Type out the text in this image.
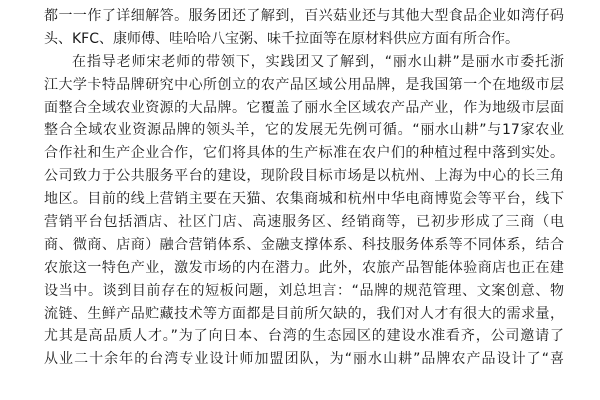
都一一作了详细解答。服务团还了解到，百兴菇业还与其他大型食品企业如湾仔码
头、KFC、康师傅、哇哈哈八宝粥、味千拉面等在原材料供应方面有所合作。
在指导老师宋老师的带领下，实践团又了解到，“丽水山耕”是丽水市委托浙
江大学卡特品牌研究中心所创立的农产品区域公用品牌，是我国第一个在地级市层
面整合全域农业资源的大品牌。它覆盖了丽水全区域农产品产业，作为地级市层面
整合全域农业资源品牌的领头羊，它的发展无先例可循。“丽水山耕”与17家农业
合作社和生产企业合作，它们将具体的生产标准在农户们的种植过程中落到实处。
公司致力于公共服务平台的建设，现阶段目标市场是以杭州、上海为中心的长三角
地区。目前的线上营销主要在天猫、农集商城和杭州中华电商博览会等平台，线下
营销平台包括酒店、社区门店、高速服务区、经销商等，已初步形成了三商（电
商、微商、店商）融合营销体系、金融支撑体系、科技服务体系等不同体系，结合
农旅这一特色产业，激发市场的内在潜力。此外，农旅产品智能体验商店也正在建
设当中。谈到目前存在的短板问题，刘总坦言：“品牌的规范管理、文案创意、物
流链、生鲜产品贮藏技术等方面都是目前所欠缺的，我们对人才有很大的需求量，
尤其是高品质人才。”为了向日本、台湾的生态园区的建设水准看齐，公司邀请了
从业二十余年的台湾专业设计师加盟团队，为“丽水山耕”品牌农产品设计了“喜
